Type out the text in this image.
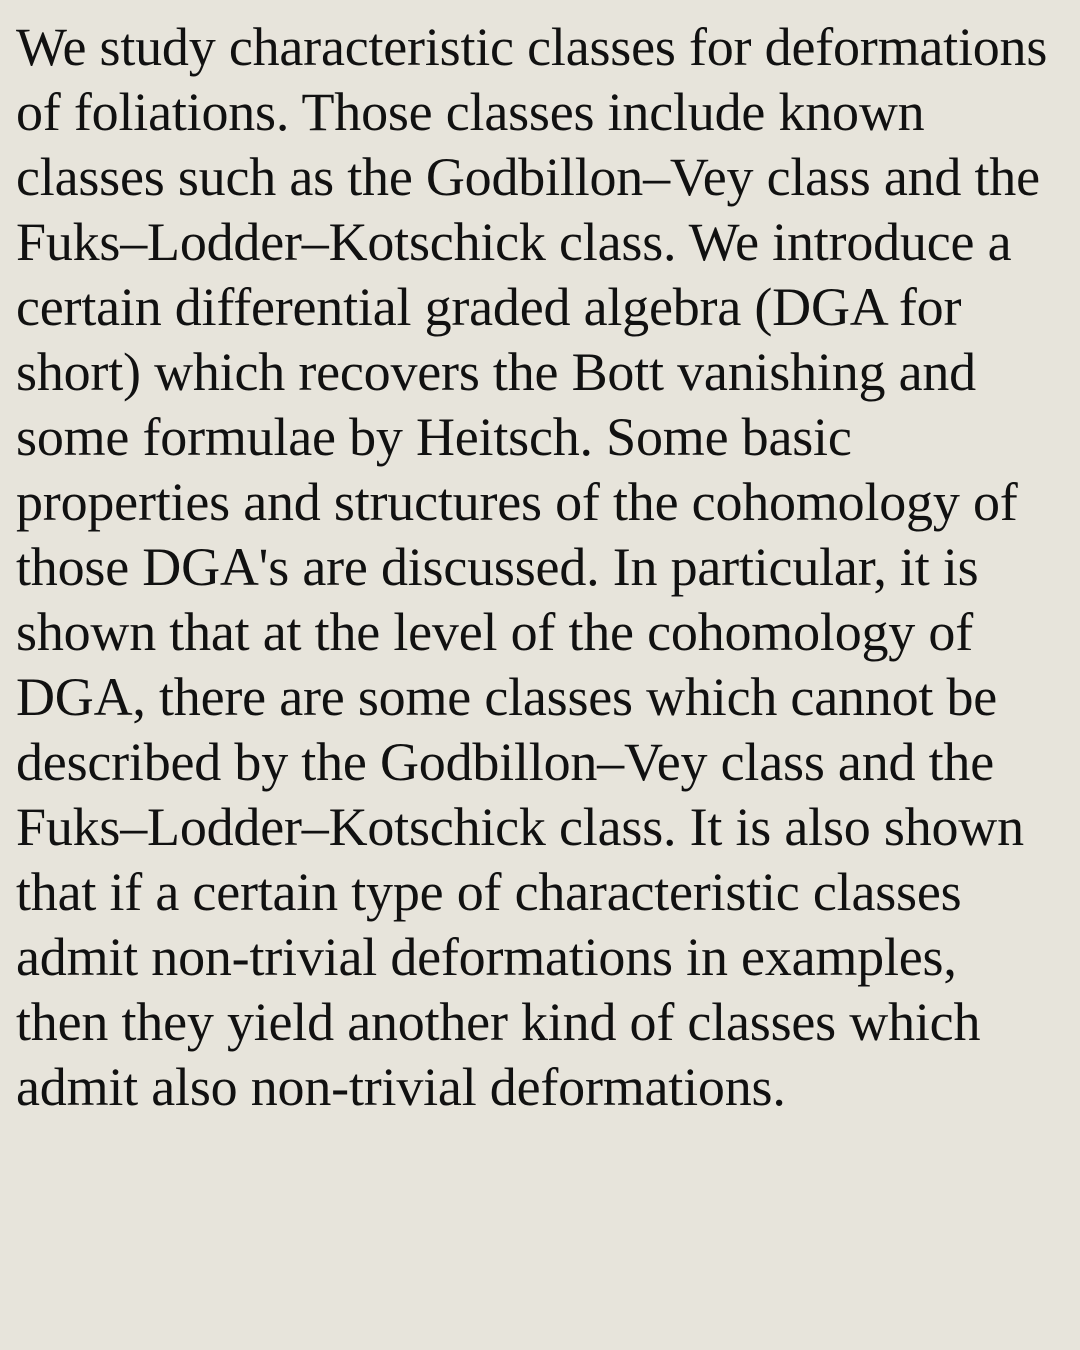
We study characteristic classes for deformations
of foliations. Those classes include known
classes such as the Godbillon–Vey class and the
Fuks–Lodder–Kotschick class. We introduce a
certain differential graded algebra (DGA for
short) which recovers the Bott vanishing and
some formulae by Heitsch. Some basic
properties and structures of the cohomology of
those DGA's are discussed. In particular, it is
shown that at the level of the cohomology of
DGA, there are some classes which cannot be
described by the Godbillon–Vey class and the
Fuks–Lodder–Kotschick class. It is also shown
that if a certain type of characteristic classes
admit non-trivial deformations in examples,
then they yield another kind of classes which
admit also non-trivial deformations.
